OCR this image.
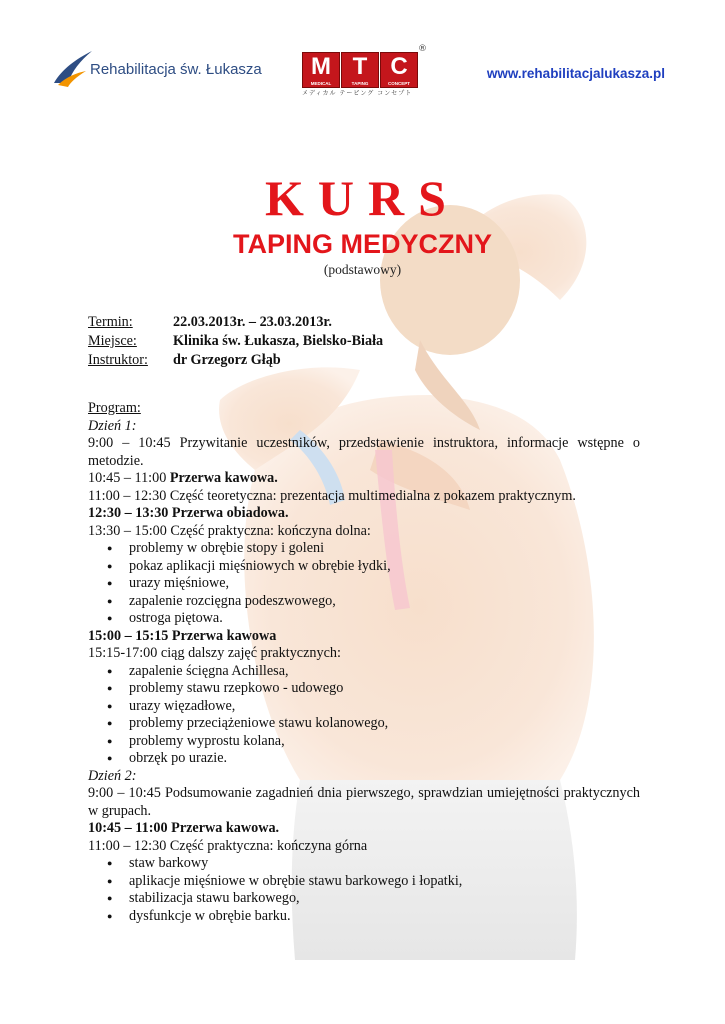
Rehabilitacja św. Łukasza	M
MEDICAL
T
TAPING
C
CONCEPT
®
メディカル テーピング コンセプト
www.rehabilitacjalukasza.pl
KURS
TAPING MEDYCZNY
(podstawowy)
Termin:	22.03.2013r. – 23.03.2013r.
Miejsce:	Klinika św. Łukasza, Bielsko-Biała
Instruktor:	dr Grzegorz Głąb

Program:

Dzień 1:

9:00 – 10:45 Przywitanie uczestników, przedstawienie instruktora, informacje wstępne o metodzie.

10:45 – 11:00 Przerwa kawowa.

11:00 – 12:30 Część teoretyczna: prezentacja multimedialna z pokazem praktycznym.

12:30 – 13:30 Przerwa obiadowa.

13:30 – 15:00 Część praktyczna: kończyna dolna:

● problemy w obrębie stopy i goleni
● pokaz aplikacji mięśniowych w obrębie łydki,
● urazy mięśniowe,
● zapalenie rozcięgna podeszwowego,
● ostroga piętowa.

15:00 – 15:15 Przerwa kawowa

15:15-17:00 ciąg dalszy zajęć praktycznych:

● zapalenie ścięgna Achillesa,
● problemy stawu rzepkowo - udowego
● urazy więzadłowe,
● problemy przeciążeniowe stawu kolanowego,
● problemy wyprostu kolana,
● obrzęk po urazie.

Dzień 2:

9:00 – 10:45 Podsumowanie zagadnień dnia pierwszego, sprawdzian umiejętności praktycznych w grupach.

10:45 – 11:00 Przerwa kawowa.

11:00 – 12:30 Część praktyczna: kończyna górna

● staw barkowy
● aplikacje mięśniowe w obrębie stawu barkowego i łopatki,
● stabilizacja stawu barkowego,
● dysfunkcje w obrębie barku.
